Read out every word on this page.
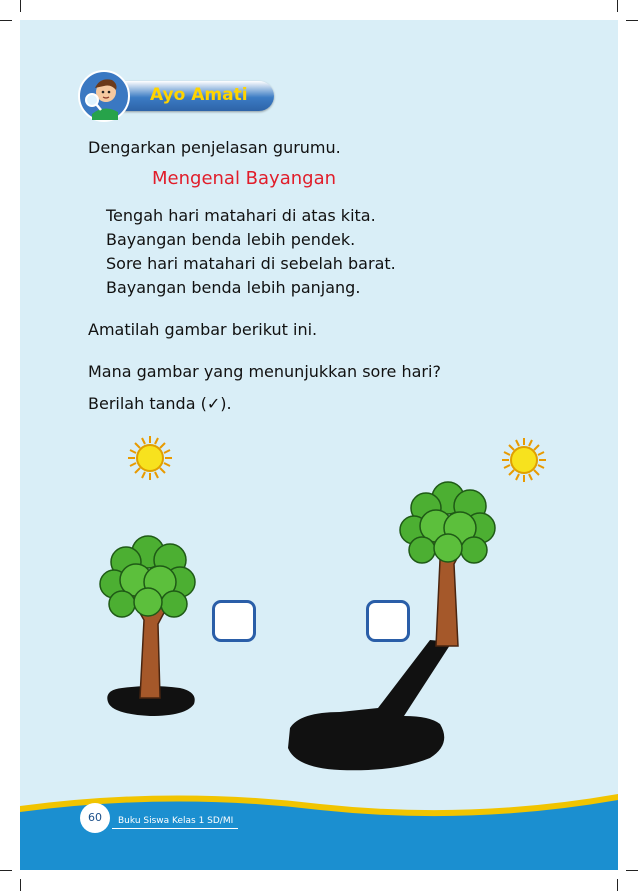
Ayo Amati
Dengarkan penjelasan gurumu.
Mengenal Bayangan
Tengah hari matahari di atas kita.
Bayangan benda lebih pendek.
Sore hari matahari di sebelah barat.
Bayangan benda lebih panjang.
Amatilah gambar berikut ini.
Mana gambar yang menunjukkan sore hari?
Berilah tanda (✓).
60	Buku Siswa Kelas 1 SD/MI
